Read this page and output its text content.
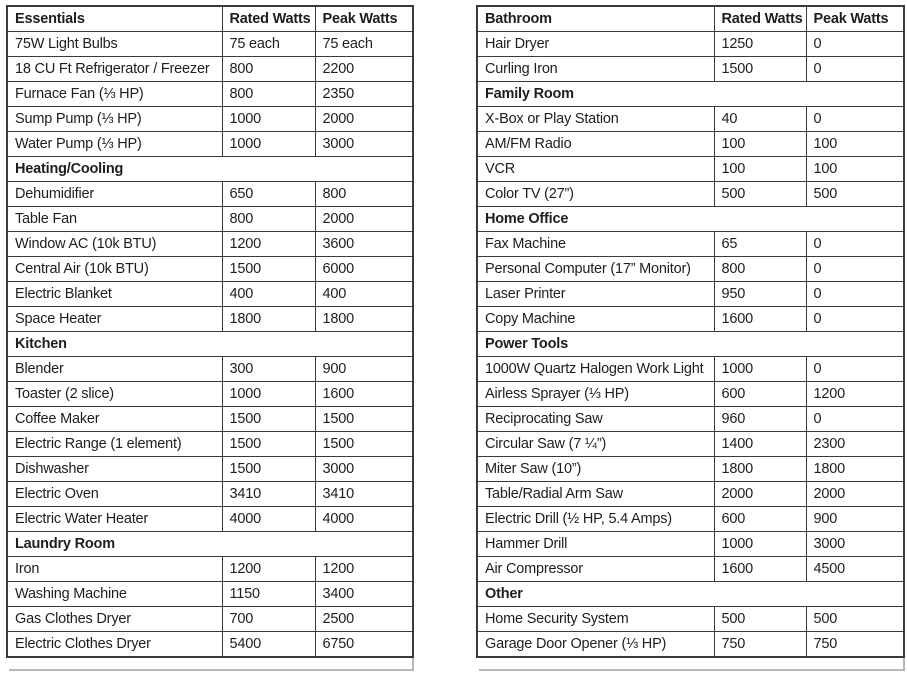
Essentials	Rated Watts	Peak Watts
75W Light Bulbs	75 each	75 each
18 CU Ft Refrigerator / Freezer	800	2200
Furnace Fan (⅓ HP)	800	2350
Sump Pump (⅓ HP)	1000	2000
Water Pump (⅓ HP)	1000	3000
Heating/Cooling		
Dehumidifier	650	800
Table Fan	800	2000
Window AC (10k BTU)	1200	3600
Central Air (10k BTU)	1500	6000
Electric Blanket	400	400
Space Heater	1800	1800
Kitchen		
Blender	300	900
Toaster (2 slice)	1000	1600
Coffee Maker	1500	1500
Electric Range (1 element)	1500	1500
Dishwasher	1500	3000
Electric Oven	3410	3410
Electric Water Heater	4000	4000
Laundry Room		
Iron	1200	1200
Washing Machine	1150	3400
Gas Clothes Dryer	700	2500
Electric Clothes Dryer	5400	6750
Bathroom	Rated Watts	Peak Watts
Hair Dryer	1250	0
Curling Iron	1500	0
Family Room		
X-Box or Play Station	40	0
AM/FM Radio	100	100
VCR	100	100
Color TV (27”)	500	500
Home Office		
Fax Machine	65	0
Personal Computer (17” Monitor)	800	0
Laser Printer	950	0
Copy Machine	1600	0
Power Tools		
1000W Quartz Halogen Work Light	1000	0
Airless Sprayer (⅓ HP)	600	1200
Reciprocating Saw	960	0
Circular Saw (7 ¼”)	1400	2300
Miter Saw (10”)	1800	1800
Table/Radial Arm Saw	2000	2000
Electric Drill (½ HP, 5.4 Amps)	600	900
Hammer Drill	1000	3000
Air Compressor	1600	4500
Other		
Home Security System	500	500
Garage Door Opener (⅓ HP)	750	750
